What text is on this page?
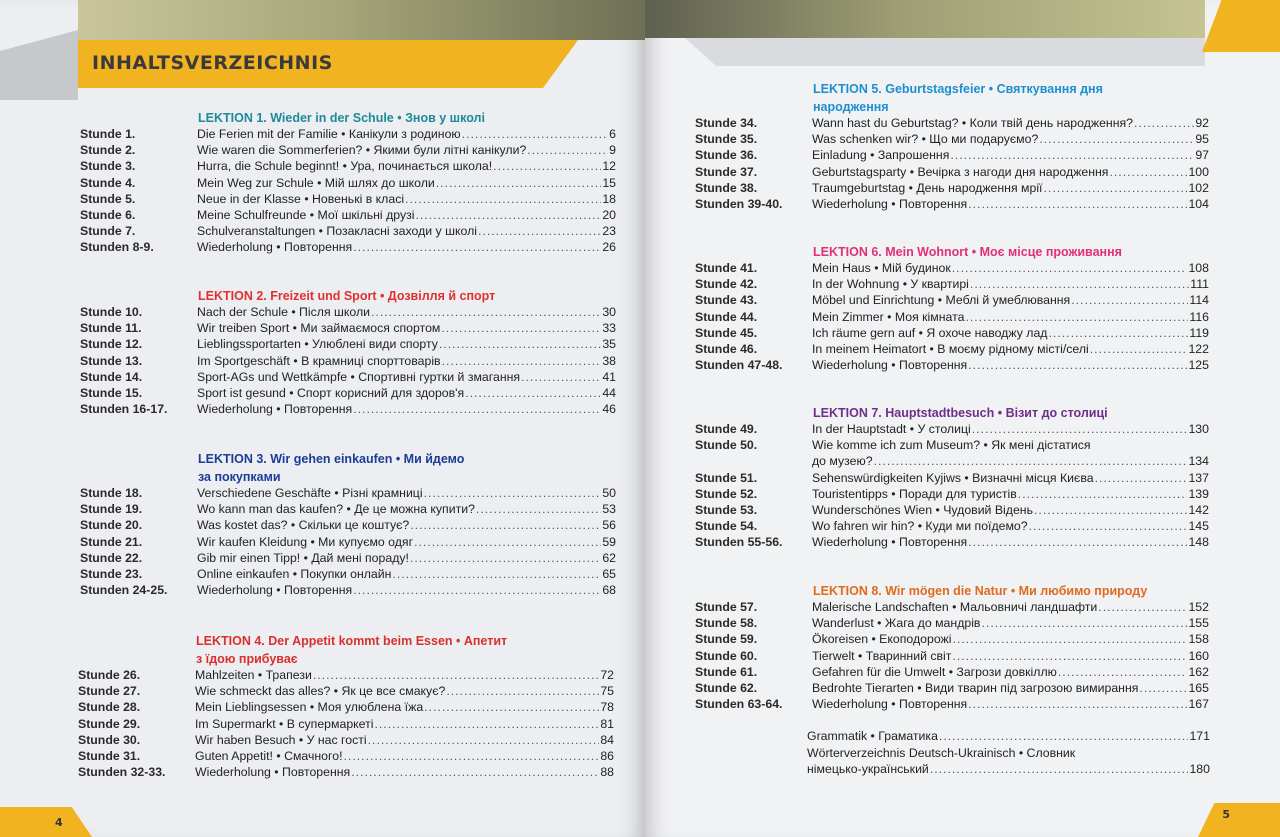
INHALTSVERZEICHNIS
4
5
LEKTION 1. Wieder in der Schule • Знов у школі
Stunde 1.	Die Ferien mit der Familie • Канікули з родиною .....	6
Stunde 2.	Wie waren die Sommerferien? • Якими були літні канікули? .....	9
Stunde 3.	Hurra, die Schule beginnt! • Ура, починається школа! .....	12
Stunde 4.	Mein Weg zur Schule • Мій шлях до школи .....	15
Stunde 5.	Neue in der Klasse • Новенькі в класі .....	18
Stunde 6.	Meine Schulfreunde • Мої шкільні друзі .....	20
Stunde 7.	Schulveranstaltungen • Позакласні заходи у школі .....	23
Stunden 8-9.	Wiederholung • Повторення .....	26
LEKTION 2. Freizeit und Sport • Дозвілля й спорт
Stunde 10.	Nach der Schule • Після школи .....	30
Stunde 11.	Wir treiben Sport • Ми займаємося спортом .....	33
Stunde 12.	Lieblingssportarten • Улюблені види спорту .....	35
Stunde 13.	Im Sportgeschäft • В крамниці спорттоварів .....	38
Stunde 14.	Sport-AGs und Wettkämpfe • Спортивні гуртки й змагання .....	41
Stunde 15.	Sport ist gesund • Спорт корисний для здоров'я .....	44
Stunden 16-17.	Wiederholung • Повторення .....	46
LEKTION 3. Wir gehen einkaufen • Ми йдемо
за покупками
Stunde 18.	Verschiedene Geschäfte • Різні крамниці .....	50
Stunde 19.	Wo kann man das kaufen? • Де це можна купити? .....	53
Stunde 20.	Was kostet das? • Скільки це коштує? .....	56
Stunde 21.	Wir kaufen Kleidung • Ми купуємо одяг .....	59
Stunde 22.	Gib mir einen Tipp! • Дай мені пораду! .....	62
Stunde 23.	Online einkaufen • Покупки онлайн .....	65
Stunden 24-25.	Wiederholung • Повторення .....	68
LEKTION 4. Der Appetit kommt beim Essen • Апетит
з їдою прибуває
Stunde 26.	Mahlzeiten • Трапези .....	72
Stunde 27.	Wie schmeckt das alles? • Як це все смакує? .....	75
Stunde 28.	Mein Lieblingsessen • Моя улюблена їжа .....	78
Stunde 29.	Im Supermarkt • В супермаркеті .....	81
Stunde 30.	Wir haben Besuch • У нас гості .....	84
Stunde 31.	Guten Appetit! • Смачного! .....	86
Stunden 32-33.	Wiederholung • Повторення .....	88
LEKTION 5. Geburtstagsfeier • Святкування дня
народження
Stunde 34.	Wann hast du Geburtstag? • Коли твій день народження? .....	92
Stunde 35.	Was schenken wir? • Що ми подаруємо? .....	95
Stunde 36.	Einladung • Запрошення .....	97
Stunde 37.	Geburtstagsparty • Вечірка з нагоди дня народження .....	100
Stunde 38.	Traumgeburtstag • День народження мрії .....	102
Stunden 39-40.	Wiederholung • Повторення .....	104
LEKTION 6. Mein Wohnort • Моє місце проживання
Stunde 41.	Mein Haus • Мій будинок .....	108
Stunde 42.	In der Wohnung • У квартирі .....	111
Stunde 43.	Möbel und Einrichtung • Меблі й умеблювання .....	114
Stunde 44.	Mein Zimmer • Моя кімната .....	116
Stunde 45.	Ich räume gern auf • Я охоче наводжу лад .....	119
Stunde 46.	In meinem Heimatort • В моєму рідному місті/селі .....	122
Stunden 47-48.	Wiederholung • Повторення .....	125
LEKTION 7. Hauptstadtbesuch • Візит до столиці
Stunde 49.	In der Hauptstadt • У столиці .....	130
Stunde 50.	Wie komme ich zum Museum? • Як мені дістатися
до музею? .....	134
Stunde 51.	Sehenswürdigkeiten Kyjiws • Визначні місця Києва .....	137
Stunde 52.	Touristentipps • Поради для туристів .....	139
Stunde 53.	Wunderschönes Wien • Чудовий Відень .....	142
Stunde 54.	Wo fahren wir hin? • Куди ми поїдемо? .....	145
Stunden 55-56.	Wiederholung • Повторення .....	148
LEKTION 8. Wir mögen die Natur • Ми любимо природу
Stunde 57.	Malerische Landschaften • Мальовничі ландшафти .....	152
Stunde 58.	Wanderlust • Жага до мандрів .....	155
Stunde 59.	Ökoreisen • Екоподорожі .....	158
Stunde 60.	Tierwelt • Тваринний світ .....	160
Stunde 61.	Gefahren für die Umwelt • Загрози довкіллю .....	162
Stunde 62.	Bedrohte Tierarten • Види тварин під загрозою вимирання .....	165
Stunden 63-64.	Wiederholung • Повторення .....	167
Grammatik • Граматика .....	171
Wörterverzeichnis Deutsch-Ukrainisch • Словник
німецько-український .....	180
